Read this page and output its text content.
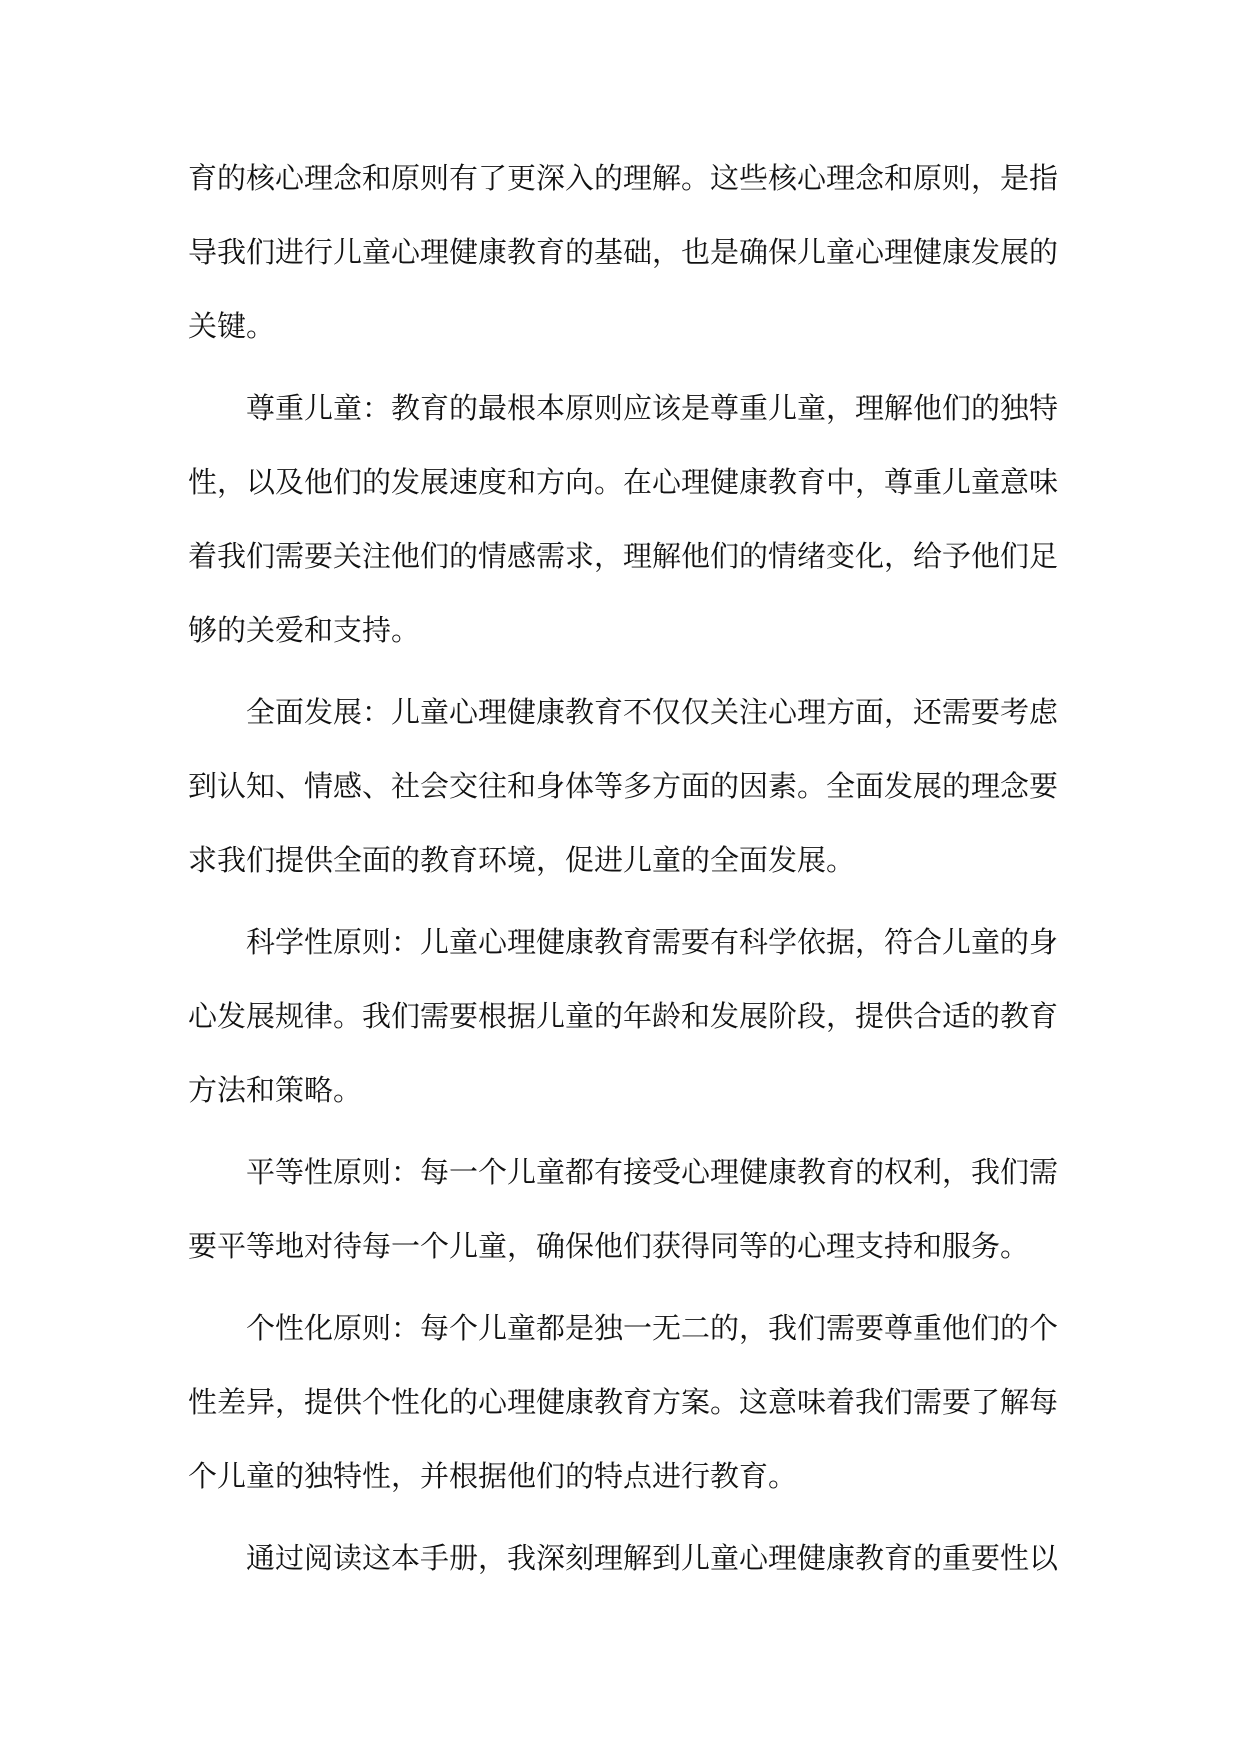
育的核心理念和原则有了更深入的理解。这些核心理念和原则，是指
导我们进行儿童心理健康教育的基础，也是确保儿童心理健康发展的
关键。
尊重儿童：教育的最根本原则应该是尊重儿童，理解他们的独特
性，以及他们的发展速度和方向。在心理健康教育中，尊重儿童意味
着我们需要关注他们的情感需求，理解他们的情绪变化，给予他们足
够的关爱和支持。
全面发展：儿童心理健康教育不仅仅关注心理方面，还需要考虑
到认知、情感、社会交往和身体等多方面的因素。全面发展的理念要
求我们提供全面的教育环境，促进儿童的全面发展。
科学性原则：儿童心理健康教育需要有科学依据，符合儿童的身
心发展规律。我们需要根据儿童的年龄和发展阶段，提供合适的教育
方法和策略。
平等性原则：每一个儿童都有接受心理健康教育的权利，我们需
要平等地对待每一个儿童，确保他们获得同等的心理支持和服务。
个性化原则：每个儿童都是独一无二的，我们需要尊重他们的个
性差异，提供个性化的心理健康教育方案。这意味着我们需要了解每
个儿童的独特性，并根据他们的特点进行教育。
通过阅读这本手册，我深刻理解到儿童心理健康教育的重要性以
